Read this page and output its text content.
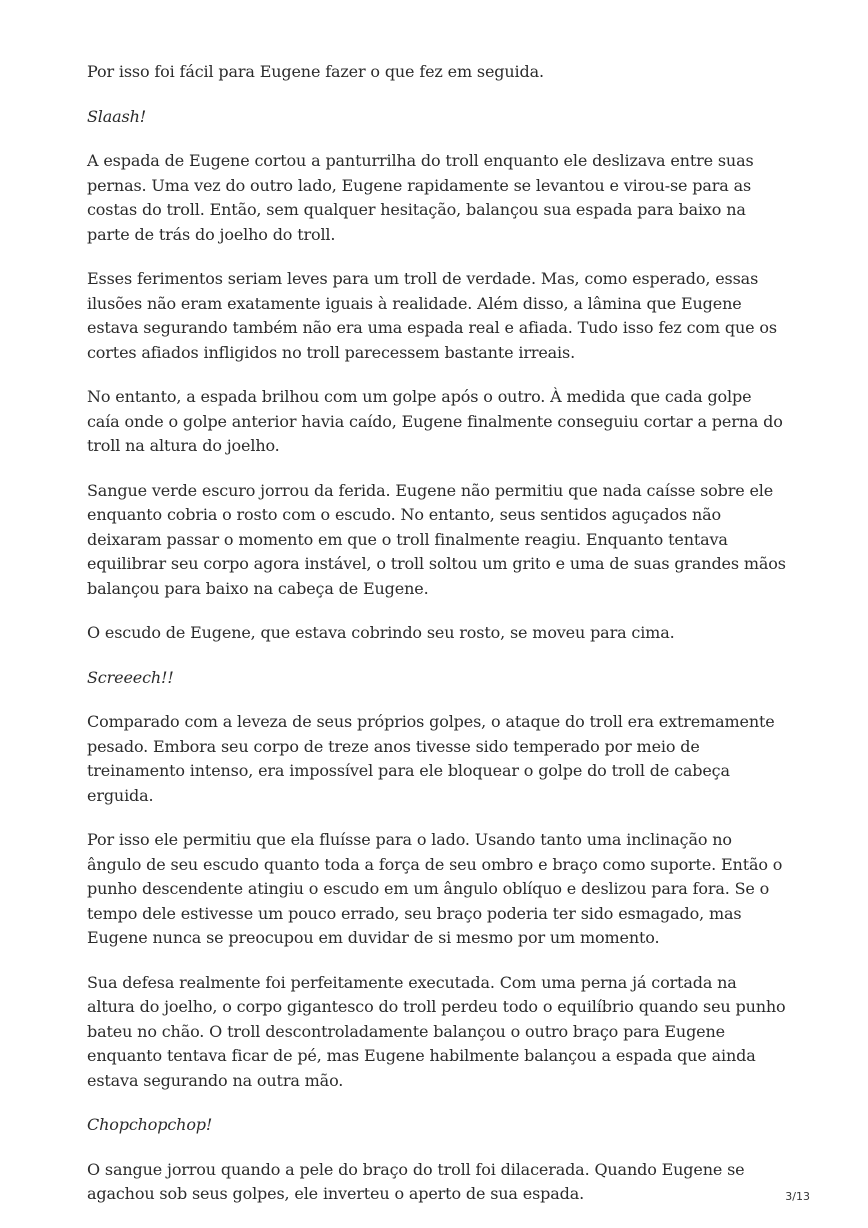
Por isso foi fácil para Eugene fazer o que fez em seguida.

Slaash!

A espada de Eugene cortou a panturrilha do troll enquanto ele deslizava entre suas pernas. Uma vez do outro lado, Eugene rapidamente se levantou e virou-se para as costas do troll. Então, sem qualquer hesitação, balançou sua espada para baixo na parte de trás do joelho do troll.

Esses ferimentos seriam leves para um troll de verdade. Mas, como esperado, essas ilusões não eram exatamente iguais à realidade. Além disso, a lâmina que Eugene estava segurando também não era uma espada real e afiada. Tudo isso fez com que os cortes afiados infligidos no troll parecessem bastante irreais.

No entanto, a espada brilhou com um golpe após o outro. À medida que cada golpe caía onde o golpe anterior havia caído, Eugene finalmente conseguiu cortar a perna do troll na altura do joelho.

Sangue verde escuro jorrou da ferida. Eugene não permitiu que nada caísse sobre ele enquanto cobria o rosto com o escudo. No entanto, seus sentidos aguçados não deixaram passar o momento em que o troll finalmente reagiu. Enquanto tentava equilibrar seu corpo agora instável, o troll soltou um grito e uma de suas grandes mãos balançou para baixo na cabeça de Eugene.

O escudo de Eugene, que estava cobrindo seu rosto, se moveu para cima.

Screeech!!

Comparado com a leveza de seus próprios golpes, o ataque do troll era extremamente pesado. Embora seu corpo de treze anos tivesse sido temperado por meio de treinamento intenso, era impossível para ele bloquear o golpe do troll de cabeça erguida.

Por isso ele permitiu que ela fluísse para o lado. Usando tanto uma inclinação no ângulo de seu escudo quanto toda a força de seu ombro e braço como suporte. Então o punho descendente atingiu o escudo em um ângulo oblíquo e deslizou para fora. Se o tempo dele estivesse um pouco errado, seu braço poderia ter sido esmagado, mas Eugene nunca se preocupou em duvidar de si mesmo por um momento.

Sua defesa realmente foi perfeitamente executada. Com uma perna já cortada na altura do joelho, o corpo gigantesco do troll perdeu todo o equilíbrio quando seu punho bateu no chão. O troll descontroladamente balançou o outro braço para Eugene enquanto tentava ficar de pé, mas Eugene habilmente balançou a espada que ainda estava segurando na outra mão.

Chopchopchop!

O sangue jorrou quando a pele do braço do troll foi dilacerada. Quando Eugene se agachou sob seus golpes, ele inverteu o aperto de sua espada.	3/13
